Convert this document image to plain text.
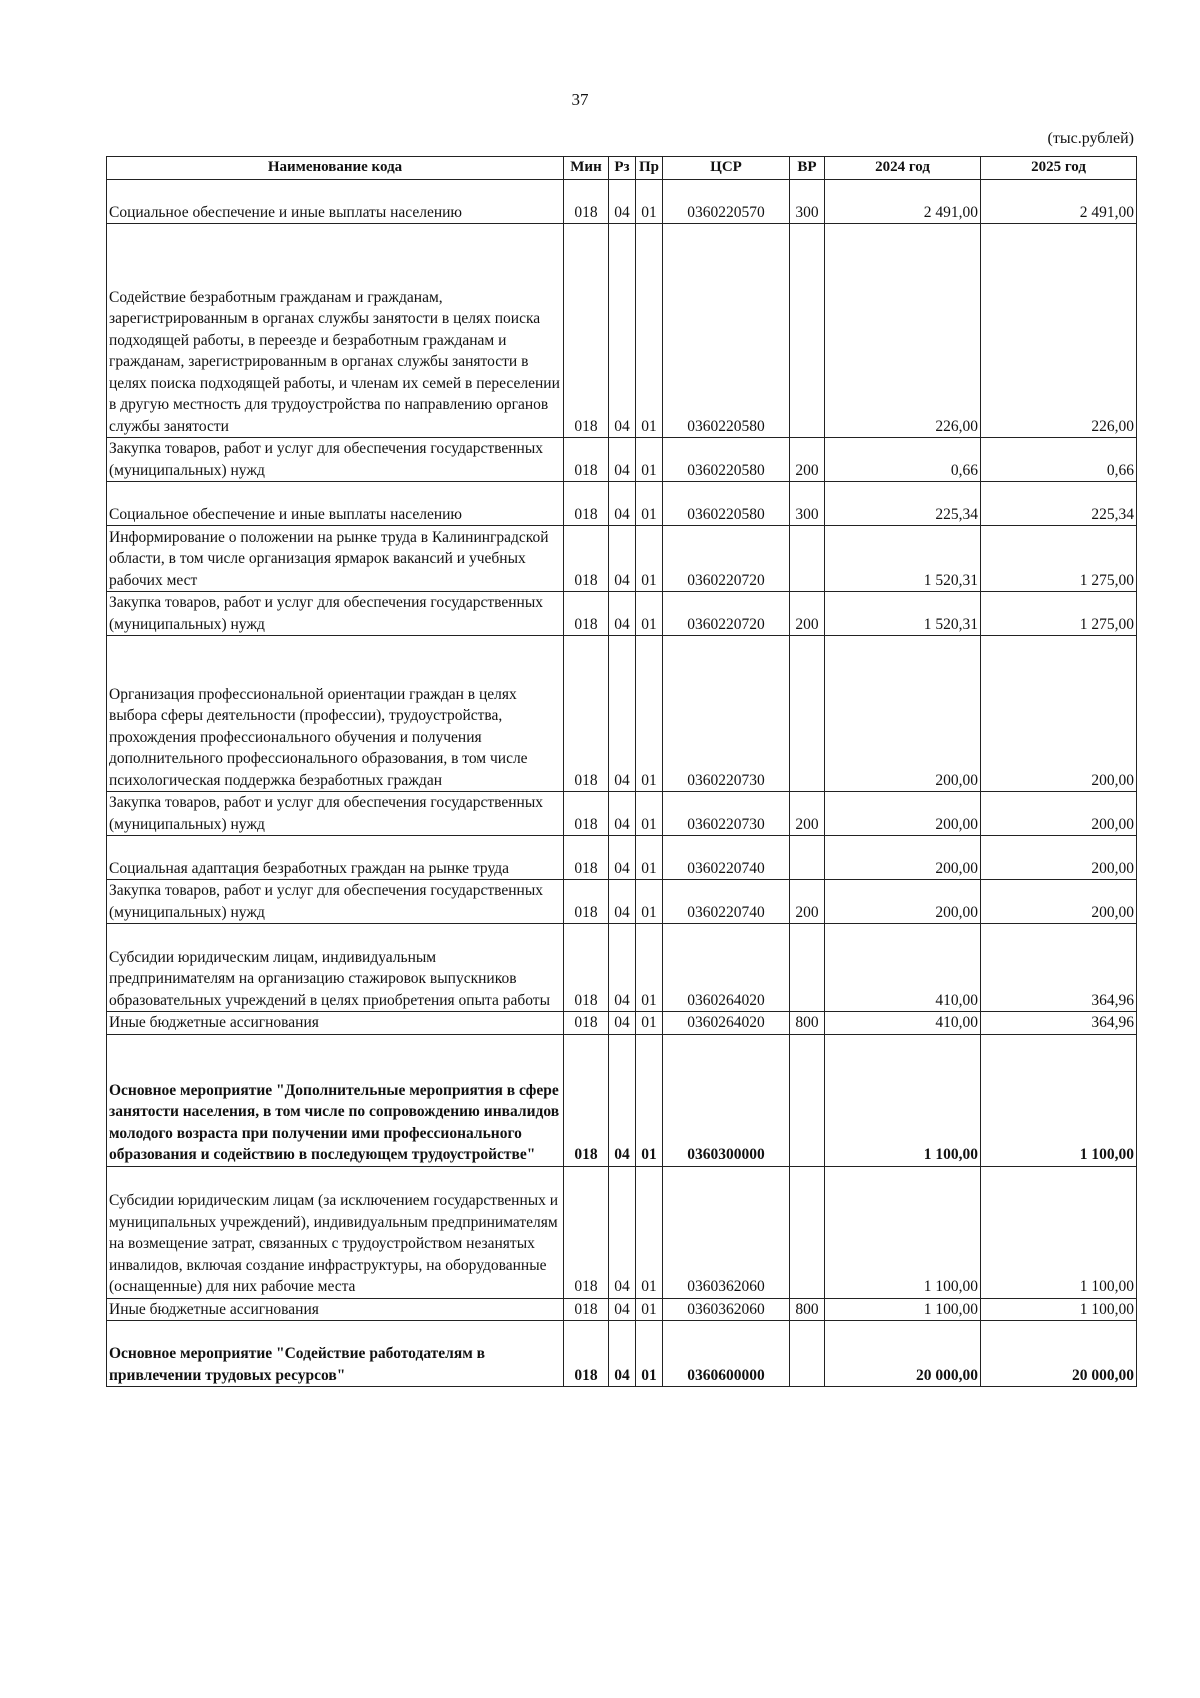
37
(тыс.рублей)
Наименование кода	Мин	Рз	Пр	ЦСР	ВР	2024 год	2025 год
Социальное обеспечение и иные выплаты населению	018	04	01	0360220570	300	2 491,00	2 491,00
Содействие безработным гражданам и гражданам, зарегистрированным в органах службы занятости в целях поиска подходящей работы, в переезде и безработным гражданам и гражданам, зарегистрированным в органах службы занятости в целях поиска подходящей работы, и членам их семей в переселении в другую местность для трудоустройства по направлению органов службы занятости	018	04	01	0360220580		226,00	226,00
Закупка товаров, работ и услуг для обеспечения государственных (муниципальных) нужд	018	04	01	0360220580	200	0,66	0,66
Социальное обеспечение и иные выплаты населению	018	04	01	0360220580	300	225,34	225,34
Информирование о положении на рынке труда в Калининградской области, в том числе организация ярмарок вакансий и учебных рабочих мест	018	04	01	0360220720		1 520,31	1 275,00
Закупка товаров, работ и услуг для обеспечения государственных (муниципальных) нужд	018	04	01	0360220720	200	1 520,31	1 275,00
Организация профессиональной ориентации граждан в целях выбора сферы деятельности (профессии), трудоустройства, прохождения профессионального обучения и получения дополнительного профессионального образования, в том числе психологическая поддержка безработных граждан	018	04	01	0360220730		200,00	200,00
Закупка товаров, работ и услуг для обеспечения государственных (муниципальных) нужд	018	04	01	0360220730	200	200,00	200,00
Социальная адаптация безработных граждан на рынке труда	018	04	01	0360220740		200,00	200,00
Закупка товаров, работ и услуг для обеспечения государственных (муниципальных) нужд	018	04	01	0360220740	200	200,00	200,00
Субсидии юридическим лицам, индивидуальным предпринимателям на организацию стажировок выпускников образовательных учреждений в целях приобретения опыта работы	018	04	01	0360264020		410,00	364,96
Иные бюджетные ассигнования	018	04	01	0360264020	800	410,00	364,96
Основное мероприятие "Дополнительные мероприятия в сфере занятости населения, в том числе по сопровождению инвалидов молодого возраста при получении ими профессионального образования и содействию в последующем трудоустройстве"	018	04	01	0360300000		1 100,00	1 100,00
Субсидии юридическим лицам (за исключением государственных и муниципальных учреждений), индивидуальным предпринимателям на возмещение затрат, связанных с трудоустройством незанятых инвалидов, включая создание инфраструктуры, на оборудованные (оснащенные) для них рабочие места	018	04	01	0360362060		1 100,00	1 100,00
Иные бюджетные ассигнования	018	04	01	0360362060	800	1 100,00	1 100,00
Основное мероприятие "Содействие работодателям в привлечении трудовых ресурсов"	018	04	01	0360600000		20 000,00	20 000,00
